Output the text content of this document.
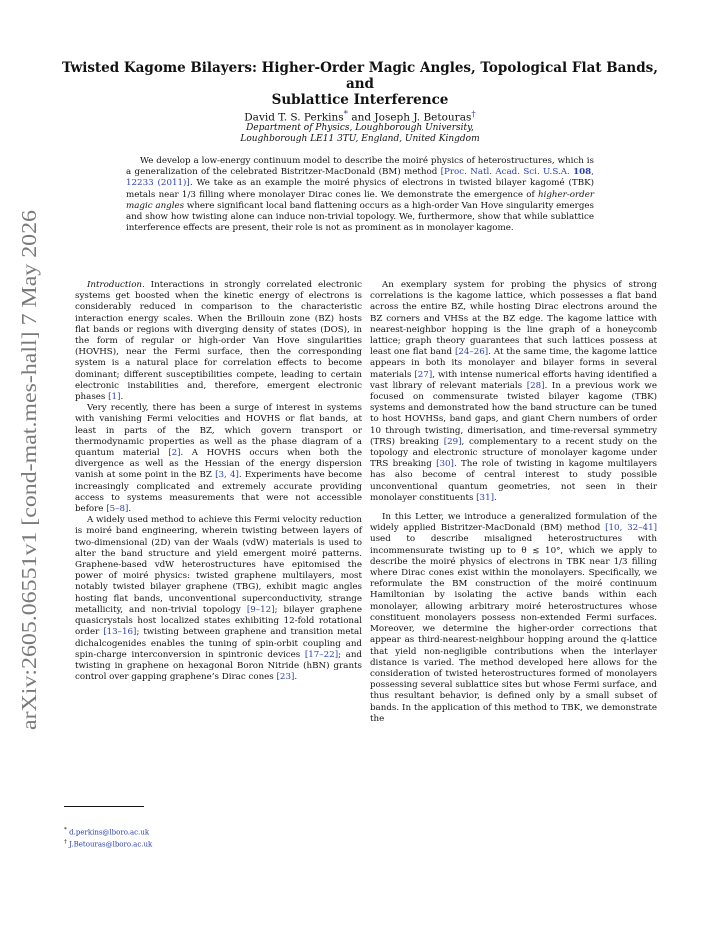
arXiv:2605.06551v1 [cond-mat.mes-hall] 7 May 2026
Twisted Kagome Bilayers: Higher-Order Magic Angles, Topological Flat Bands, and
Sublattice Interference
David T. S. Perkins* and Joseph J. Betouras†
Department of Physics, Loughborough University,
Loughborough LE11 3TU, England, United Kingdom
We develop a low-energy continuum model to describe the moiré physics of heterostructures, which is a generalization of the celebrated Bistritzer-MacDonald (BM) method [Proc. Natl. Acad. Sci. U.S.A. 108, 12233 (2011)]. We take as an example the moiré physics of electrons in twisted bilayer kagomé (TBK) metals near 1/3 filling where monolayer Dirac cones lie. We demonstrate the emergence of higher-order magic angles where significant local band flattening occurs as a high-order Van Hove singularity emerges and show how twisting alone can induce non-trivial topology. We, furthermore, show that while sublattice interference effects are present, their role is not as prominent as in monolayer kagome.

Introduction. Interactions in strongly correlated electronic systems get boosted when the kinetic energy of electrons is considerably reduced in comparison to the characteristic interaction energy scales. When the Brillouin zone (BZ) hosts flat bands or regions with diverging density of states (DOS), in the form of regular or high-order Van Hove singularities (HOVHS), near the Fermi surface, then the corresponding system is a natural place for correlation effects to become dominant; different susceptibilities compete, leading to certain electronic instabilities and, therefore, emergent electronic phases [1].

Very recently, there has been a surge of interest in systems with vanishing Fermi velocities and HOVHS or flat bands, at least in parts of the BZ, which govern transport or thermodynamic properties as well as the phase diagram of a quantum material [2]. A HOVHS occurs when both the divergence as well as the Hessian of the energy dispersion vanish at some point in the BZ [3, 4]. Experiments have become increasingly complicated and extremely accurate providing access to systems measurements that were not accessible before [5–8].

A widely used method to achieve this Fermi velocity reduction is moiré band engineering, wherein twisting between layers of two-dimensional (2D) van der Waals (vdW) materials is used to alter the band structure and yield emergent moiré patterns. Graphene-based vdW heterostructures have epitomised the power of moiré physics: twisted graphene multilayers, most notably twisted bilayer graphene (TBG), exhibit magic angles hosting flat bands, unconventional superconductivity, strange metallicity, and non-trivial topology [9–12]; bilayer graphene quasicrystals host localized states exhibiting 12-fold rotational order [13–16]; twisting between graphene and transition metal dichalcogenides enables the tuning of spin-orbit coupling and spin-charge interconversion in spintronic devices [17–22]; and twisting in graphene on hexagonal Boron Nitride (hBN) grants control over gapping graphene’s Dirac cones [23].

An exemplary system for probing the physics of strong correlations is the kagome lattice, which possesses a flat band across the entire BZ, while hosting Dirac electrons around the BZ corners and VHSs at the BZ edge. The kagome lattice with nearest-neighbor hopping is the line graph of a honeycomb lattice; graph theory guarantees that such lattices possess at least one flat band [24–26]. At the same time, the kagome lattice appears in both its monolayer and bilayer forms in several materials [27], with intense numerical efforts having identified a vast library of relevant materials [28]. In a previous work we focused on commensurate twisted bilayer kagome (TBK) systems and demonstrated how the band structure can be tuned to host HOVHSs, band gaps, and giant Chern numbers of order 10 through twisting, dimerisation, and time-reversal symmetry (TRS) breaking [29], complementary to a recent study on the topology and electronic structure of monolayer kagome under TRS breaking [30]. The role of twisting in kagome multilayers has also become of central interest to study possible unconventional quantum geometries, not seen in their monolayer constituents [31].

In this Letter, we introduce a generalized formulation of the widely applied Bistritzer-MacDonald (BM) method [10, 32–41] used to describe misaligned heterostructures with incommensurate twisting up to θ ≲ 10°, which we apply to describe the moiré physics of electrons in TBK near 1/3 filling where Dirac cones exist within the monolayers. Specifically, we reformulate the BM construction of the moiré continuum Hamiltonian by isolating the active bands within each monolayer, allowing arbitrary moiré heterostructures whose constituent monolayers possess non-extended Fermi surfaces. Moreover, we determine the higher-order corrections that appear as third-nearest-neighbour hopping around the q-lattice that yield non-negligible contributions when the interlayer distance is varied. The method developed here allows for the consideration of twisted heterostructures formed of monolayers possessing several sublattice sites but whose Fermi surface, and thus resultant behavior, is defined only by a small subset of bands. In the application of this method to TBK, we demonstrate the

* d.perkins@lboro.ac.uk
† J.Betouras@lboro.ac.uk
